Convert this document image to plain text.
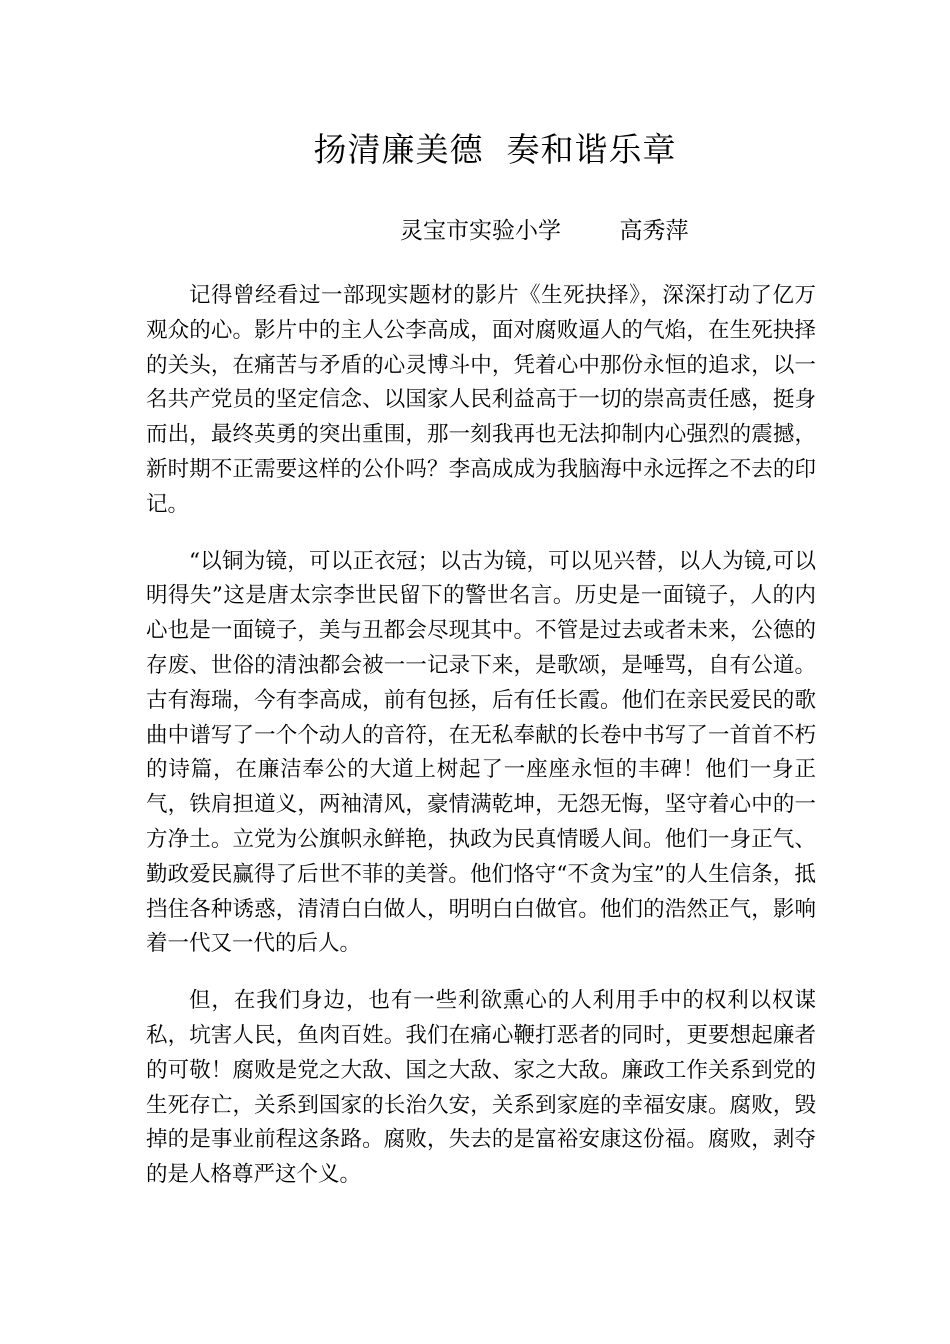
扬清廉美德  奏和谐乐章
灵宝市实验小学        高秀萍

记得曾经看过一部现实题材的影片《生死抉择》，深深打动了亿万观众的心。影片中的主人公李高成，面对腐败逼人的气焰，在生死抉择的关头，在痛苦与矛盾的心灵博斗中，凭着心中那份永恒的追求，以一名共产党员的坚定信念、以国家人民利益高于一切的崇高责任感，挺身而出，最终英勇的突出重围，那一刻我再也无法抑制内心强烈的震撼，新时期不正需要这样的公仆吗？李高成成为我脑海中永远挥之不去的印记。

“以铜为镜，可以正衣冠；以古为镜，可以见兴替，以人为镜,可以明得失”这是唐太宗李世民留下的警世名言。历史是一面镜子，人的内心也是一面镜子，美与丑都会尽现其中。不管是过去或者未来，公德的存废、世俗的清浊都会被一一记录下来，是歌颂，是唾骂，自有公道。古有海瑞，今有李高成，前有包拯，后有任长霞。他们在亲民爱民的歌曲中谱写了一个个动人的音符，在无私奉献的长卷中书写了一首首不朽的诗篇，在廉洁奉公的大道上树起了一座座永恒的丰碑！他们一身正气，铁肩担道义，两袖清风，豪情满乾坤，无怨无悔，坚守着心中的一方净土。立党为公旗帜永鲜艳，执政为民真情暖人间。他们一身正气、勤政爱民赢得了后世不菲的美誉。他们恪守“不贪为宝”的人生信条，抵挡住各种诱惑，清清白白做人，明明白白做官。他们的浩然正气，影响着一代又一代的后人。

但，在我们身边，也有一些利欲熏心的人利用手中的权利以权谋私，坑害人民，鱼肉百姓。我们在痛心鞭打恶者的同时，更要想起廉者的可敬！腐败是党之大敌、国之大敌、家之大敌。廉政工作关系到党的生死存亡，关系到国家的长治久安，关系到家庭的幸福安康。腐败，毁掉的是事业前程这条路。腐败，失去的是富裕安康这份福。腐败，剥夺的是人格尊严这个义。
